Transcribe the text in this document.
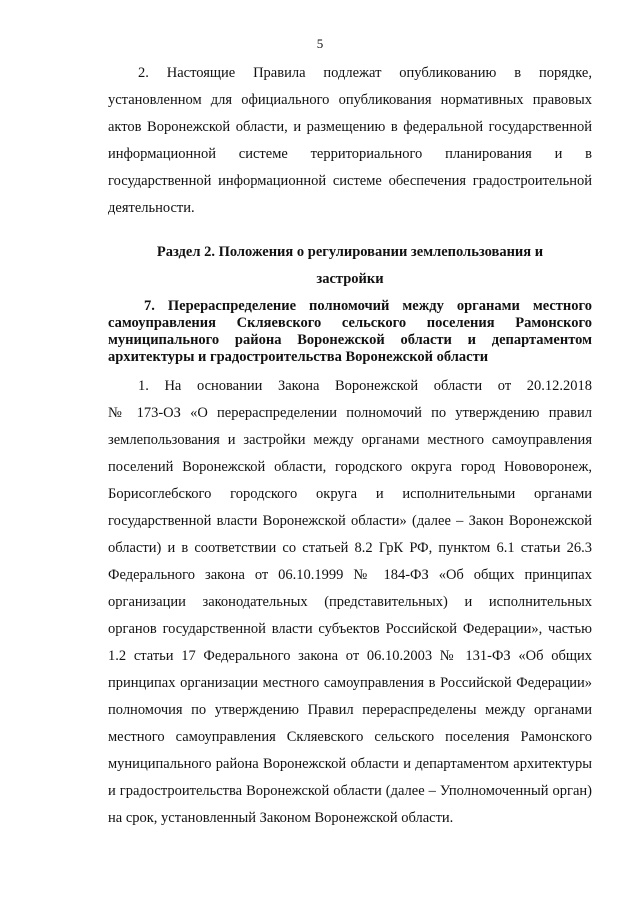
5
2. Настоящие Правила подлежат опубликованию в порядке,
установленном для официального опубликования нормативных правовых
актов Воронежской области, и размещению в федеральной государственной
информационной системе территориального планирования и в
государственной информационной системе обеспечения градостроительной
деятельности.
Раздел 2. Положения о регулировании землепользования и
застройки
7. Перераспределение полномочий между органами местного
самоуправления Скляевского сельского поселения Рамонского
муниципального района Воронежской области и департаментом
архитектуры и градостроительства Воронежской области
1. На основании Закона Воронежской области от 20.12.2018
№ 173-ОЗ «О перераспределении полномочий по утверждению правил
землепользования и застройки между органами местного самоуправления
поселений Воронежской области, городского округа город Нововоронеж,
Борисоглебского городского округа и исполнительными органами
государственной власти Воронежской области» (далее – Закон Воронежской
области) и в соответствии со статьей 8.2 ГрК РФ, пунктом 6.1 статьи 26.3
Федерального закона от 06.10.1999 № 184-ФЗ «Об общих принципах
организации законодательных (представительных) и исполнительных
органов государственной власти субъектов Российской Федерации», частью
1.2 статьи 17 Федерального закона от 06.10.2003 № 131-ФЗ «Об общих
принципах организации местного самоуправления в Российской Федерации»
полномочия по утверждению Правил перераспределены между органами
местного самоуправления Скляевского сельского поселения Рамонского
муниципального района Воронежской области и департаментом архитектуры
и градостроительства Воронежской области (далее – Уполномоченный орган)
на срок, установленный Законом Воронежской области.
